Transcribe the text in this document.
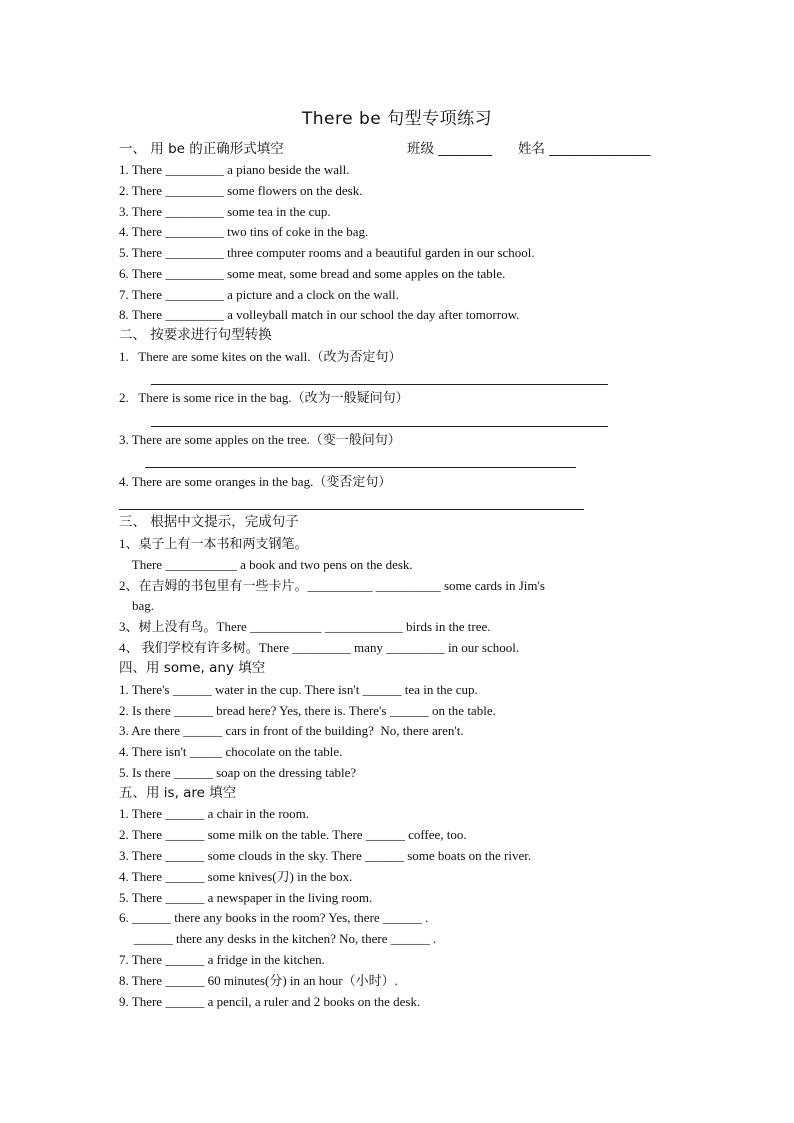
There be 句型专项练习
一、 用 be 的正确形式填空	班级 ________ 姓名 _______________
1. There _________ a piano beside the wall.
2. There _________ some flowers on the desk.
3. There _________ some tea in the cup.
4. There _________ two tins of coke in the bag.
5. There _________ three computer rooms and a beautiful garden in our school.
6. There _________ some meat, some bread and some apples on the table.
7. There _________ a picture and a clock on the wall.
8. There _________ a volleyball match in our school the day after tomorrow.
二、 按要求进行句型转换
1.   There are some kites on the wall.（改为否定句）
2.   There is some rice in the bag.（改为一般疑问句）
3. There are some apples on the tree.（变一般问句）
4. There are some oranges in the bag.（变否定句）
三、 根据中文提示，完成句子
1、桌子上有一本书和两支钢笔。
There ___________ a book and two pens on the desk.
2、在吉姆的书包里有一些卡片。__________ __________ some cards in Jim's
bag.
3、树上没有鸟。There ___________ ____________ birds in the tree.
4、 我们学校有许多树。There _________ many _________ in our school.
四、用 some, any 填空
1. There's ______ water in the cup. There isn't ______ tea in the cup.
2. Is there ______ bread here? Yes, there is. There's ______ on the table.
3. Are there ______ cars in front of the building?  No, there aren't.
4. There isn't _____ chocolate on the table.
5. Is there ______ soap on the dressing table?
五、用 is, are 填空
1. There ______ a chair in the room.
2. There ______ some milk on the table. There ______ coffee, too.
3. There ______ some clouds in the sky. There ______ some boats on the river.
4. There ______ some knives(刀) in the box.
5. There ______ a newspaper in the living room.
6. ______ there any books in the room? Yes, there ______ .
______ there any desks in the kitchen? No, there ______ .
7. There ______ a fridge in the kitchen.
8. There ______ 60 minutes(分) in an hour（小时）.
9. There ______ a pencil, a ruler and 2 books on the desk.
